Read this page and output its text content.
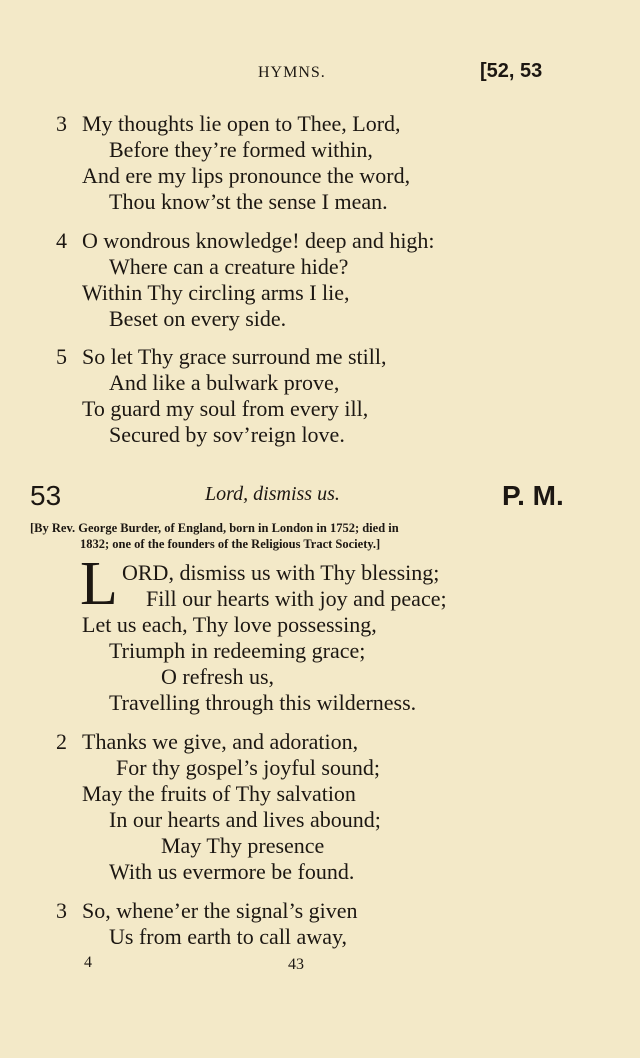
HYMNS.	[52, 53
3 My thoughts lie open to Thee, Lord,
Before they’re formed within,
And ere my lips pronounce the word,
Thou know’st the sense I mean.
4 O wondrous knowledge! deep and high:
Where can a creature hide?
Within Thy circling arms I lie,
Beset on every side.
5 So let Thy grace surround me still,
And like a bulwark prove,
To guard my soul from every ill,
Secured by sov’reign love.
53	Lord, dismiss us.	P. M.
[By Rev. George Burder, of England, born in London in 1752; died in
1832; one of the founders of the Religious Tract Society.]
L ORD, dismiss us with Thy blessing;
Fill our hearts with joy and peace;
Let us each, Thy love possessing,
Triumph in redeeming grace;
O refresh us,
Travelling through this wilderness.
2 Thanks we give, and adoration,
For thy gospel’s joyful sound;
May the fruits of Thy salvation
In our hearts and lives abound;
May Thy presence
With us evermore be found.
3 So, whene’er the signal’s given
Us from earth to call away,
4	43
